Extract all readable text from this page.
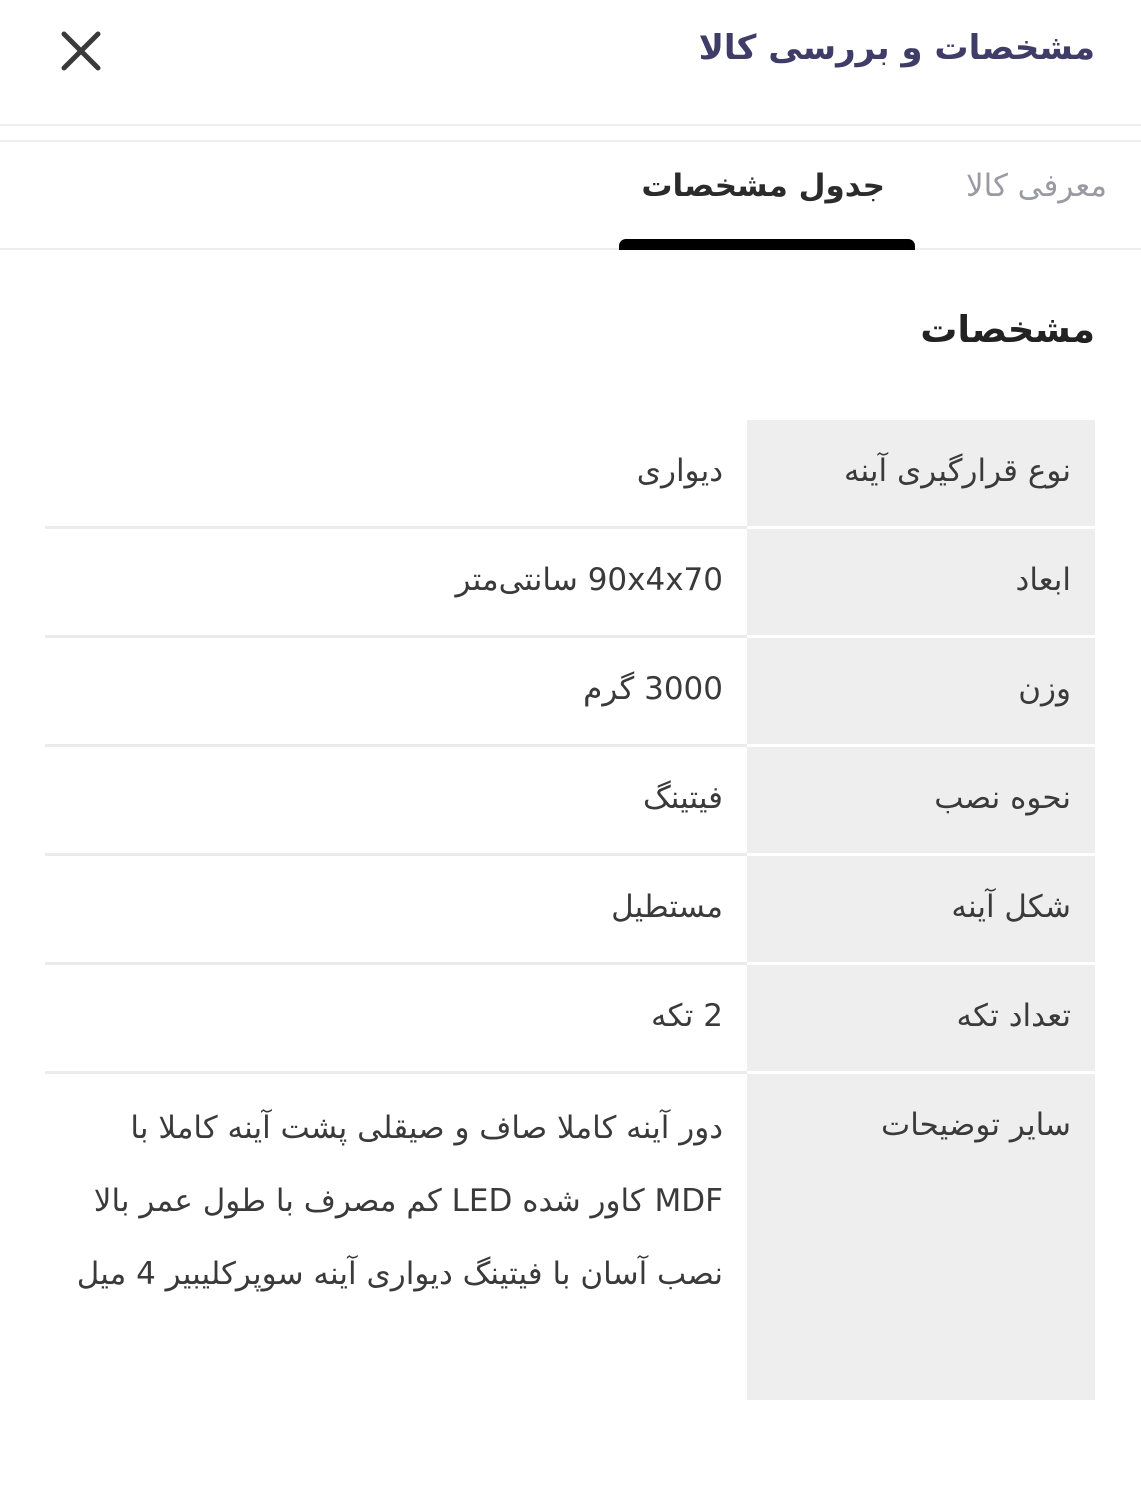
مشخصات و بررسی کالا
معرفی کالا
جدول مشخصات
مشخصات
نوع قرارگیری آینه
دیواری
ابعاد
90x4x70 سانتی‌متر
وزن
3000 گرم
نحوه نصب
فیتینگ
شکل آینه
مستطیل
تعداد تکه
2 تکه
سایر توضیحات
دور آینه کاملا صاف و صیقلی پشت آینه کاملا با MDF کاور شده LED کم مصرف با طول عمر بالا نصب آسان با فیتینگ دیواری آینه سوپرکلیبیر 4 میل
